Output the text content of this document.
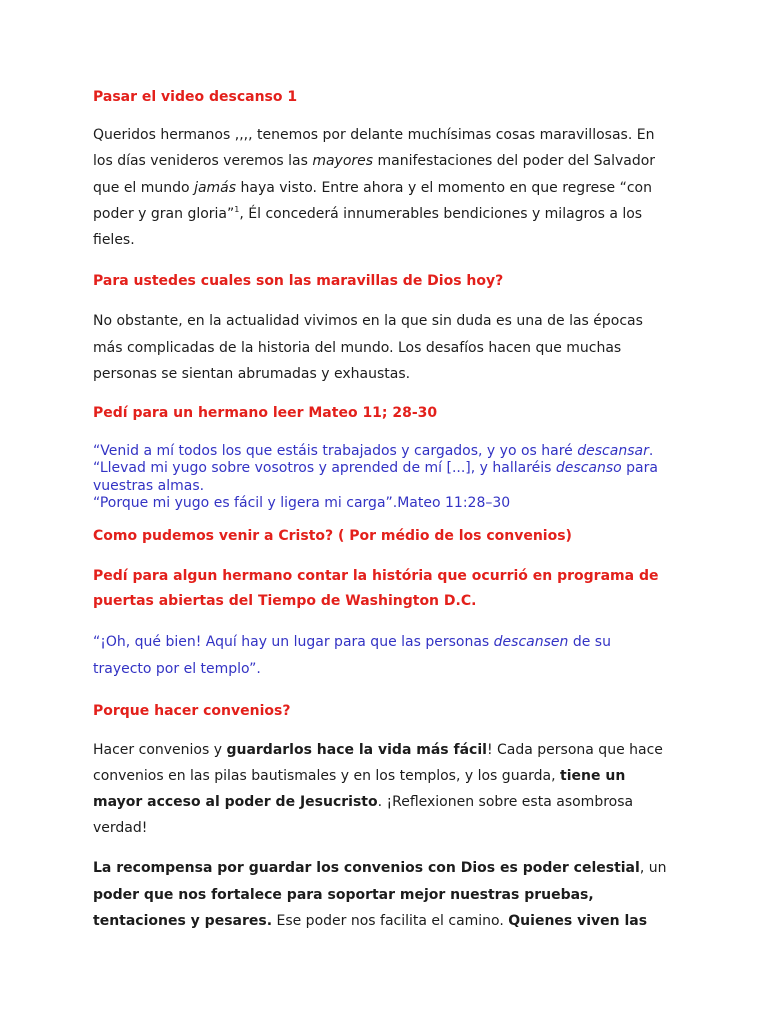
Pasar el video descanso 1
Queridos hermanos ,,,, tenemos por delante muchísimas cosas maravillosas. En
los días venideros veremos las mayores manifestaciones del poder del Salvador
que el mundo jamás haya visto. Entre ahora y el momento en que regrese “con
poder y gran gloria”$^1$, Él concederá innumerables bendiciones y milagros a los
fieles.
Para ustedes cuales son las maravillas de Dios hoy?
No obstante, en la actualidad vivimos en la que sin duda es una de las épocas
más complicadas de la historia del mundo. Los desafíos hacen que muchas
personas se sientan abrumadas y exhaustas.
Pedí para un hermano leer Mateo 11; 28-30
“Venid a mí todos los que estáis trabajados y cargados, y yo os haré descansar.
“Llevad mi yugo sobre vosotros y aprended de mí [...], y hallaréis descanso para
vuestras almas.
“Porque mi yugo es fácil y ligera mi carga”.Mateo 11:28–30
Como pudemos venir a Cristo? ( Por médio de los convenios)
Pedí para algun hermano contar la história que ocurrió en programa de
puertas abiertas del Tiempo de Washington D.C.
“¡Oh, qué bien! Aquí hay un lugar para que las personas descansen de su
trayecto por el templo”.
Porque hacer convenios?
Hacer convenios y guardarlos hace la vida más fácil! Cada persona que hace
convenios en las pilas bautismales y en los templos, y los guarda, tiene un
mayor acceso al poder de Jesucristo. ¡Reflexionen sobre esta asombrosa
verdad!
La recompensa por guardar los convenios con Dios es poder celestial, un
poder que nos fortalece para soportar mejor nuestras pruebas,
tentaciones y pesares. Ese poder nos facilita el camino. Quienes viven las
